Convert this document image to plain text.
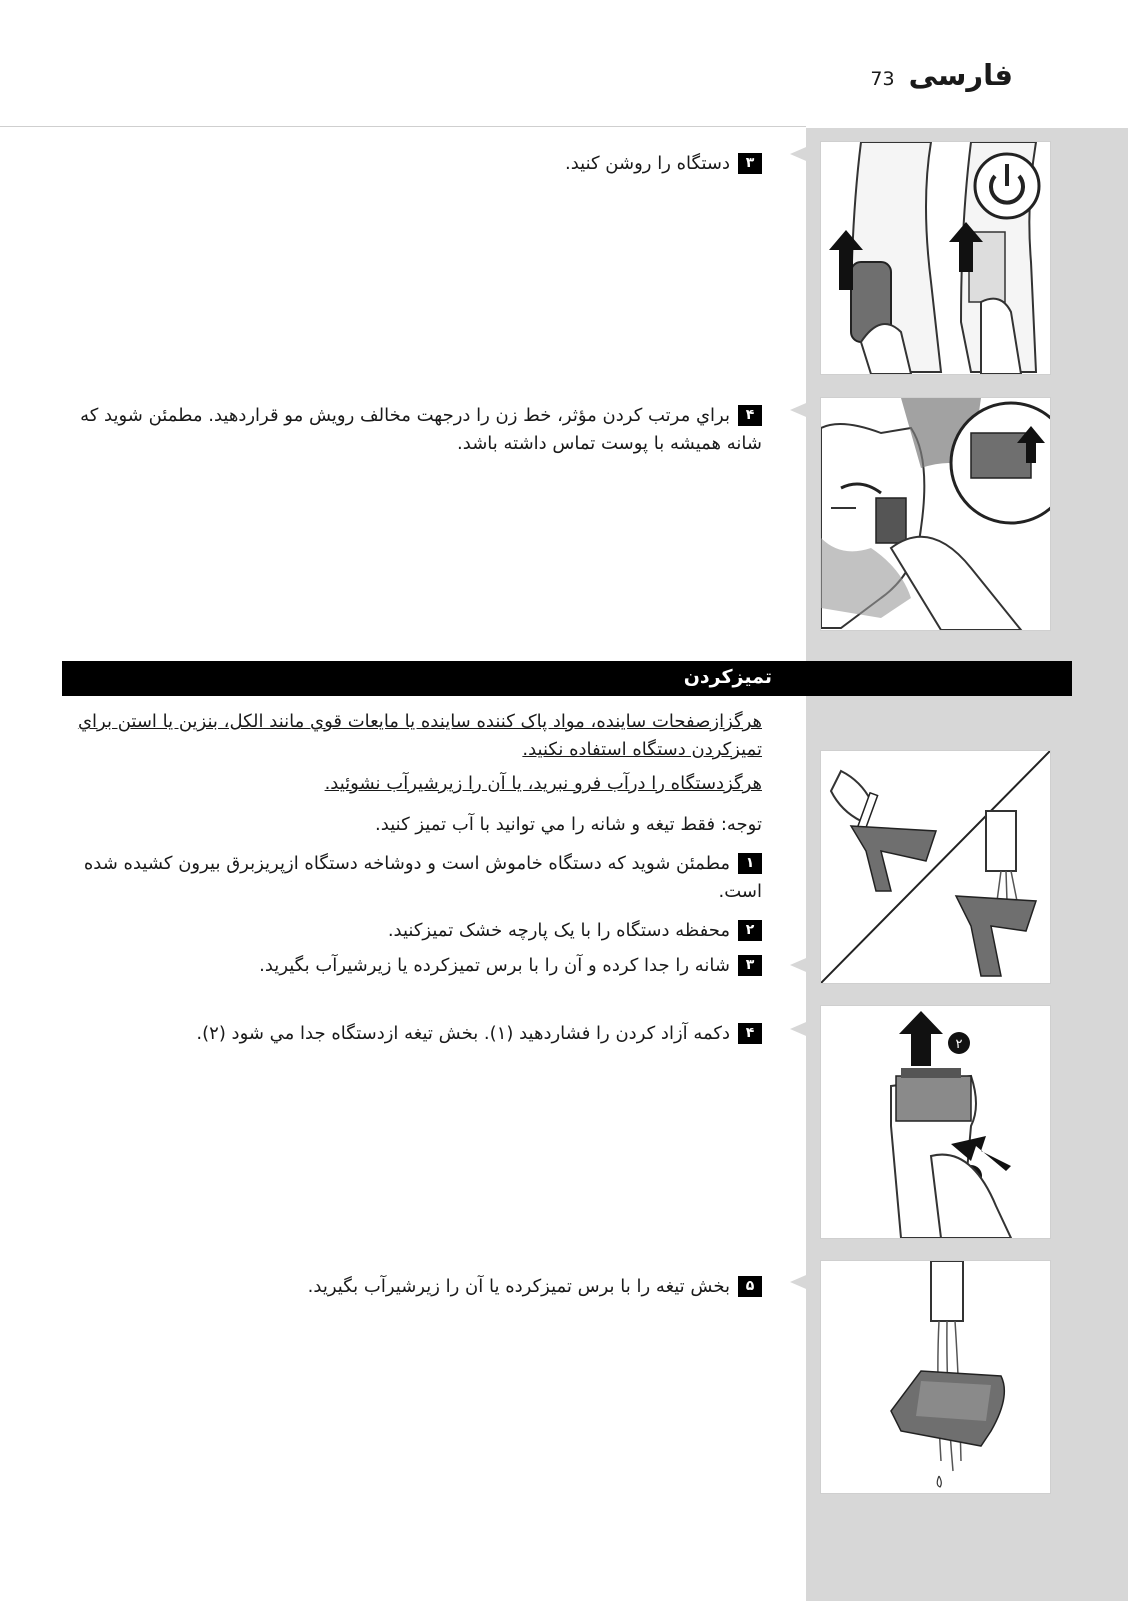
73 فارسی
۳دستگاه را روشن کنید.
۴براي مرتب کردن مؤثر، خط زن را درجهت مخالف رويش مو قراردهيد. مطمئن شويد که شانه هميشه با پوست تماس داشته باشد.
تميزکردن
هرگزازصفحات ساينده، مواد پاک کننده ساينده يا مايعات قوي مانند الکل، بنزين يا استن براي تميزکردن دستگاه استفاده نکنيد.
هرگزدستگاه را درآب فرو نبريد، يا آن را زيرشيرآب نشوئيد.
توجه: فقط تيغه و شانه را مي توانيد با آب تميز کنيد.
١مطمئن شويد که دستگاه خاموش است و دوشاخه دستگاه ازپريزبرق بيرون کشيده شده است.
٢محفظه دستگاه را با يک پارچه خشک تميزکنيد.
٣شانه را جدا کرده و آن را با برس تميزکرده يا زيرشيرآب بگيريد.
۴دکمه آزاد کردن را فشاردهيد (١). بخش تيغه ازدستگاه جدا مي شود (٢).
٢
۵بخش تيغه را با برس تميزکرده يا آن را زيرشيرآب بگيريد.
